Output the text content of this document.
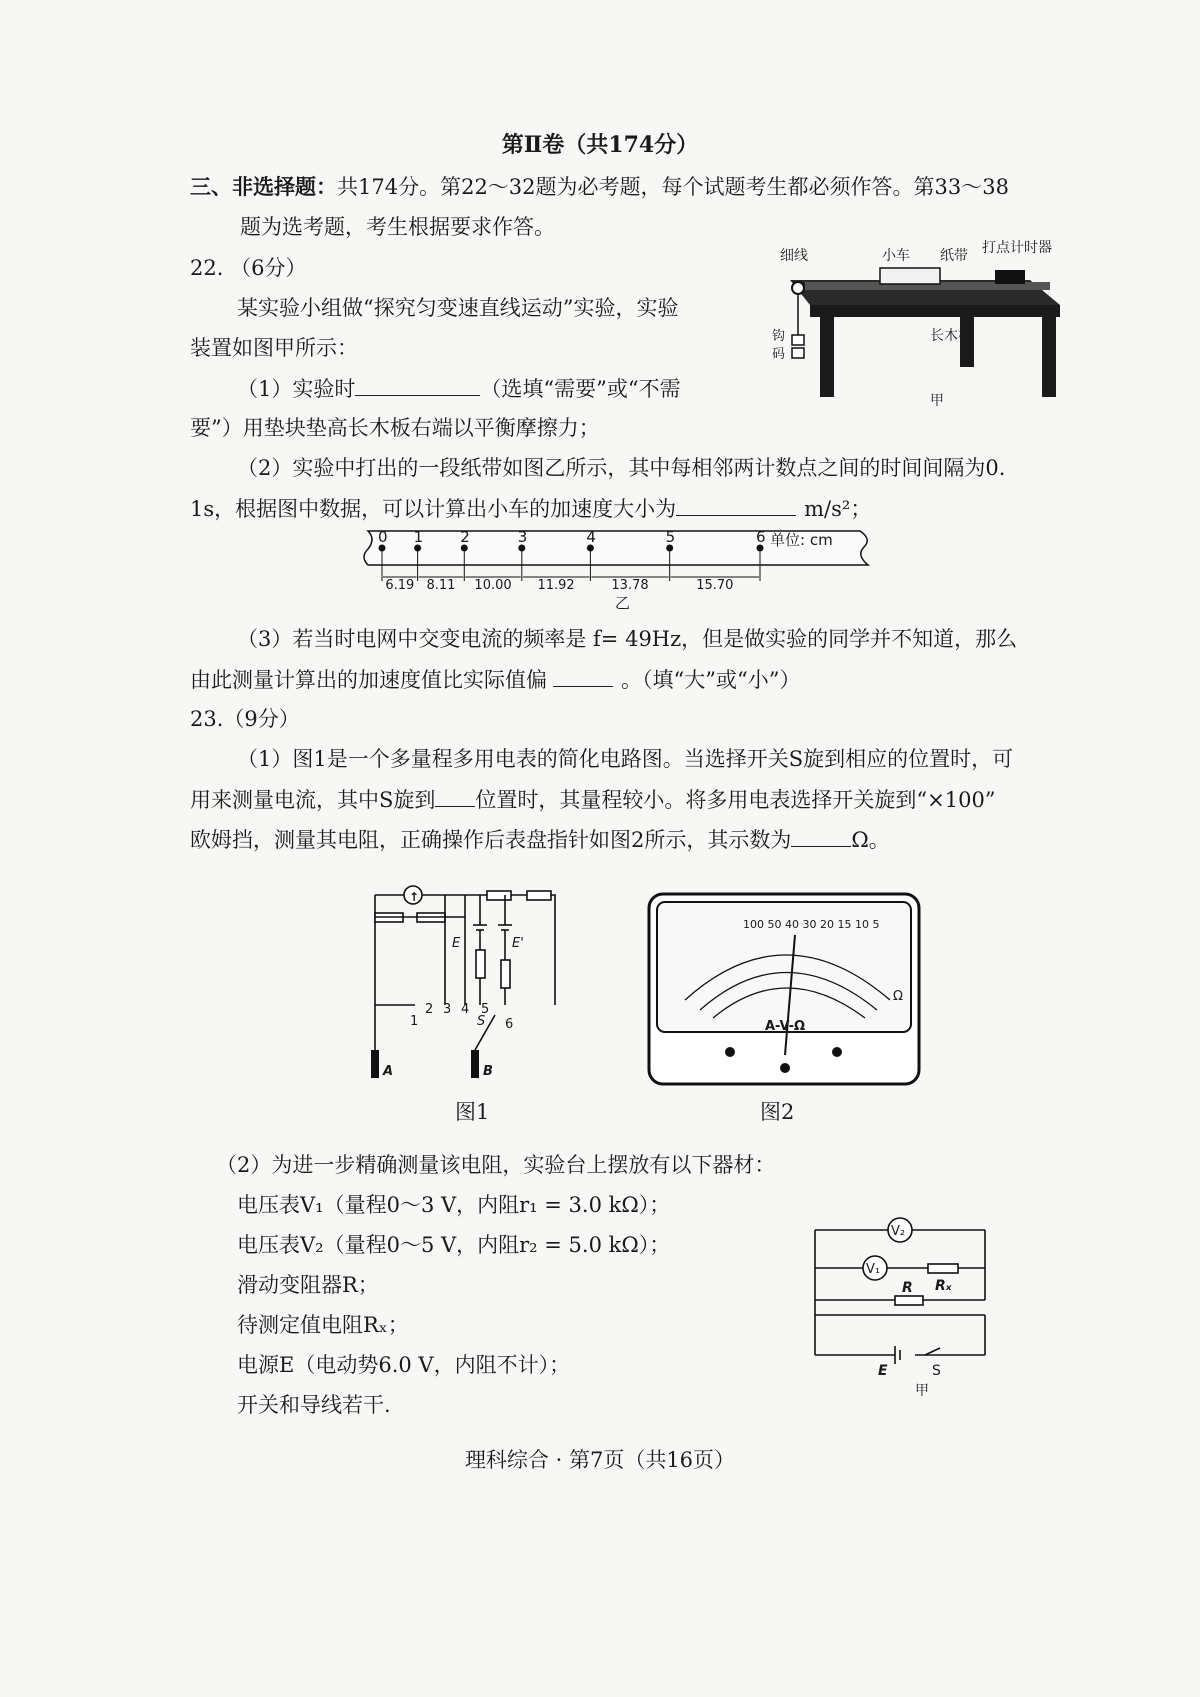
第Ⅱ卷（共174分）
三、非选择题：共174分。第22～32题为必考题，每个试题考生都必须作答。第33～38
题为选考题，考生根据要求作答。
22. （6分）
某实验小组做“探究匀变速直线运动”实验，实验
装置如图甲所示：
（1）实验时	（选填“需要”或“不需
要”）用垫块垫高长木板右端以平衡摩擦力；
（2）实验中打出的一段纸带如图乙所示，其中每相邻两计数点之间的时间间隔为0.
1s，根据图中数据，可以计算出小车的加速度大小为	m/s²；
细线	小车 纸带 打点计时器
钩
码
长木板
甲
0 1 2	3	4	5	6 单位: cm
6.19 8.11 10.00 11.92	13.78	15.70
乙
（3）若当时电网中交变电流的频率是 f= 49Hz，但是做实验的同学并不知道，那么
由此测量计算出的加速度值比实际值偏	。（填“大”或“小”）
23.（9分）
（1）图1是一个多量程多用电表的简化电路图。当选择开关S旋到相应的位置时，可
用来测量电流，其中S旋到 位置时，其量程较小。将多用电表选择开关旋到“×100”
欧姆挡，测量其电阻，正确操作后表盘指针如图2所示，其示数为	Ω。
↑
E	E'
2
1
3 4 5
6
S
A	B
图1
100 50 40 30 20 15 10 5
A-V-Ω
Ω
图2
（2）为进一步精确测量该电阻，实验台上摆放有以下器材：
电压表V₁（量程0～3 V，内阻r₁ = 3.0 kΩ）；
电压表V₂（量程0～5 V，内阻r₂ = 5.0 kΩ）；
滑动变阻器R；
待测定值电阻Rₓ；
电源E（电动势6.0 V，内阻不计）；
开关和导线若干.
V₂
V₁
Rₓ
R
E	S
甲
理科综合 · 第7页（共16页）
